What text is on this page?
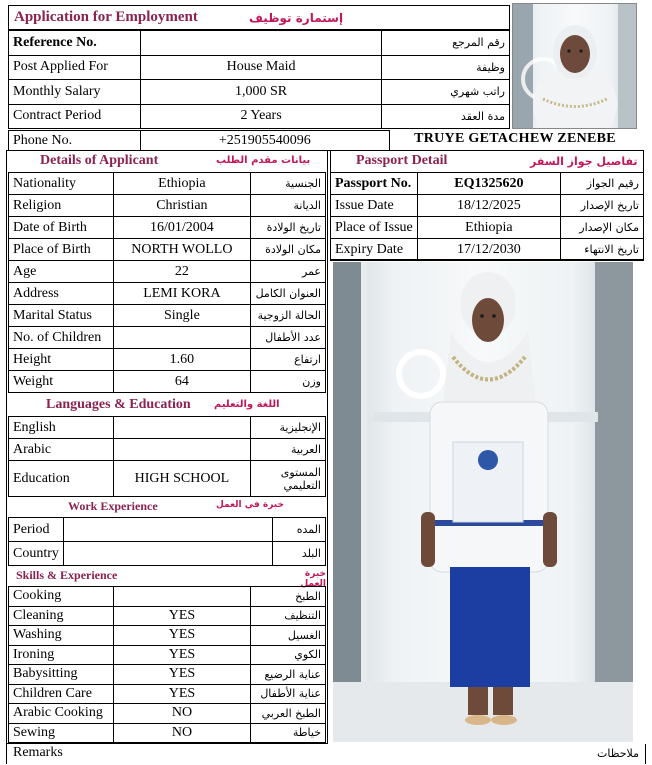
Application for Employment	إستمارة توظيف
Reference No.		رقم المرجع
Post Applied For	House Maid	وظيفة
Monthly Salary	1,000 SR	راتب شهري
Contract Period	2 Years	مدة العقد
Phone No.	+251905540096	TRUYE GETACHEW ZENEBE
Details of Applicant	بيانات مقدم الطلب
Nationality	Ethiopia	الجنسية
Religion	Christian	الديانة
Date of Birth	16/01/2004	تاريخ الولادة
Place of Birth	NORTH WOLLO	مكان الولادة
Age	22	عمر
Address	LEMI KORA	العنوان الكامل
Marital Status	Single	الحالة الزوجية
No. of Children		عدد الأطفال
Height	1.60	ارتفاع
Weight	64	وزن
Languages & Education اللغة والتعليم
English		الإنجليزية
Arabic		العربية
Education	HIGH SCHOOL	المستوى التعليمي
Work Experience	خبرة في العمل
Period		المده
Country		البلد
Skills & Experience	خبرة العمل
Cooking		الطبخ
Cleaning	YES	التنظيف
Washing	YES	الغسيل
Ironing	YES	الكوي
Babysitting	YES	عناية الرضيع
Children Care	YES	عناية الأطفال
Arabic Cooking	NO	الطبخ العربي
Sewing	NO	خياطة
Passport Detail	تفاصيل جواز السفر
Passport No.	EQ1325620	رقيم الجواز
Issue Date	18/12/2025	تاريخ الإصدار
Place of Issue	Ethiopia	مكان الإصدار
Expiry Date	17/12/2030	تاريخ الانتهاء
Remarks	ملاحظات
